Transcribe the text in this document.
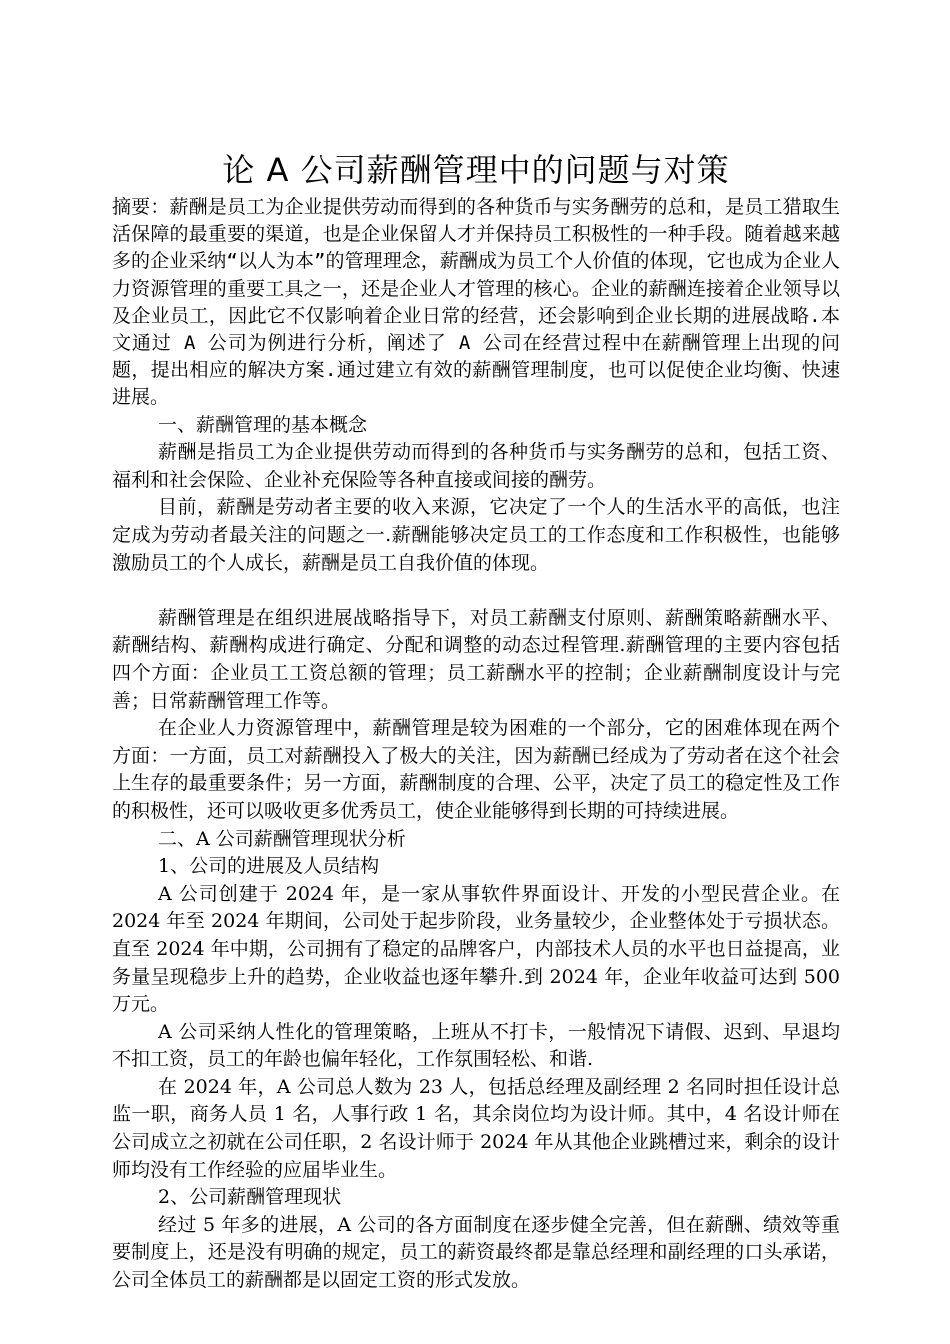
论 A 公司薪酬管理中的问题与对策

摘要：薪酬是员工为企业提供劳动而得到的各种货币与实务酬劳的总和，是员工猎取生活保障的最重要的渠道，也是企业保留人才并保持员工积极性的一种手段。随着越来越多的企业采纳“以人为本”的管理理念，薪酬成为员工个人价值的体现，它也成为企业人力资源管理的重要工具之一，还是企业人才管理的核心。企业的薪酬连接着企业领导以及企业员工，因此它不仅影响着企业日常的经营，还会影响到企业长期的进展战略.本文通过 A 公司为例进行分析，阐述了 A 公司在经营过程中在薪酬管理上出现的问题，提出相应的解决方案.通过建立有效的薪酬管理制度，也可以促使企业均衡、快速进展。

一、薪酬管理的基本概念

薪酬是指员工为企业提供劳动而得到的各种货币与实务酬劳的总和，包括工资、福利和社会保险、企业补充保险等各种直接或间接的酬劳。

目前，薪酬是劳动者主要的收入来源，它决定了一个人的生活水平的高低，也注定成为劳动者最关注的问题之一.薪酬能够决定员工的工作态度和工作积极性，也能够激励员工的个人成长，薪酬是员工自我价值的体现。

薪酬管理是在组织进展战略指导下，对员工薪酬支付原则、薪酬策略薪酬水平、薪酬结构、薪酬构成进行确定、分配和调整的动态过程管理.薪酬管理的主要内容包括四个方面：企业员工工资总额的管理；员工薪酬水平的控制；企业薪酬制度设计与完善；日常薪酬管理工作等。

在企业人力资源管理中，薪酬管理是较为困难的一个部分，它的困难体现在两个方面：一方面，员工对薪酬投入了极大的关注，因为薪酬已经成为了劳动者在这个社会上生存的最重要条件；另一方面，薪酬制度的合理、公平，决定了员工的稳定性及工作的积极性，还可以吸收更多优秀员工，使企业能够得到长期的可持续进展。

二、A 公司薪酬管理现状分析

1、公司的进展及人员结构

A 公司创建于 2024 年，是一家从事软件界面设计、开发的小型民营企业。在 2024 年至 2024 年期间，公司处于起步阶段，业务量较少，企业整体处于亏损状态。直至 2024 年中期，公司拥有了稳定的品牌客户，内部技术人员的水平也日益提高，业务量呈现稳步上升的趋势，企业收益也逐年攀升.到 2024 年，企业年收益可达到 500 万元。

A 公司采纳人性化的管理策略，上班从不打卡，一般情况下请假、迟到、早退均不扣工资，员工的年龄也偏年轻化，工作氛围轻松、和谐.

在 2024 年，A 公司总人数为 23 人，包括总经理及副经理 2 名同时担任设计总监一职，商务人员 1 名，人事行政 1 名，其余岗位均为设计师。其中，4 名设计师在公司成立之初就在公司任职，2 名设计师于 2024 年从其他企业跳槽过来，剩余的设计师均没有工作经验的应届毕业生。

2、公司薪酬管理现状

经过 5 年多的进展，A 公司的各方面制度在逐步健全完善，但在薪酬、绩效等重要制度上，还是没有明确的规定，员工的薪资最终都是靠总经理和副经理的口头承诺，公司全体员工的薪酬都是以固定工资的形式发放。
